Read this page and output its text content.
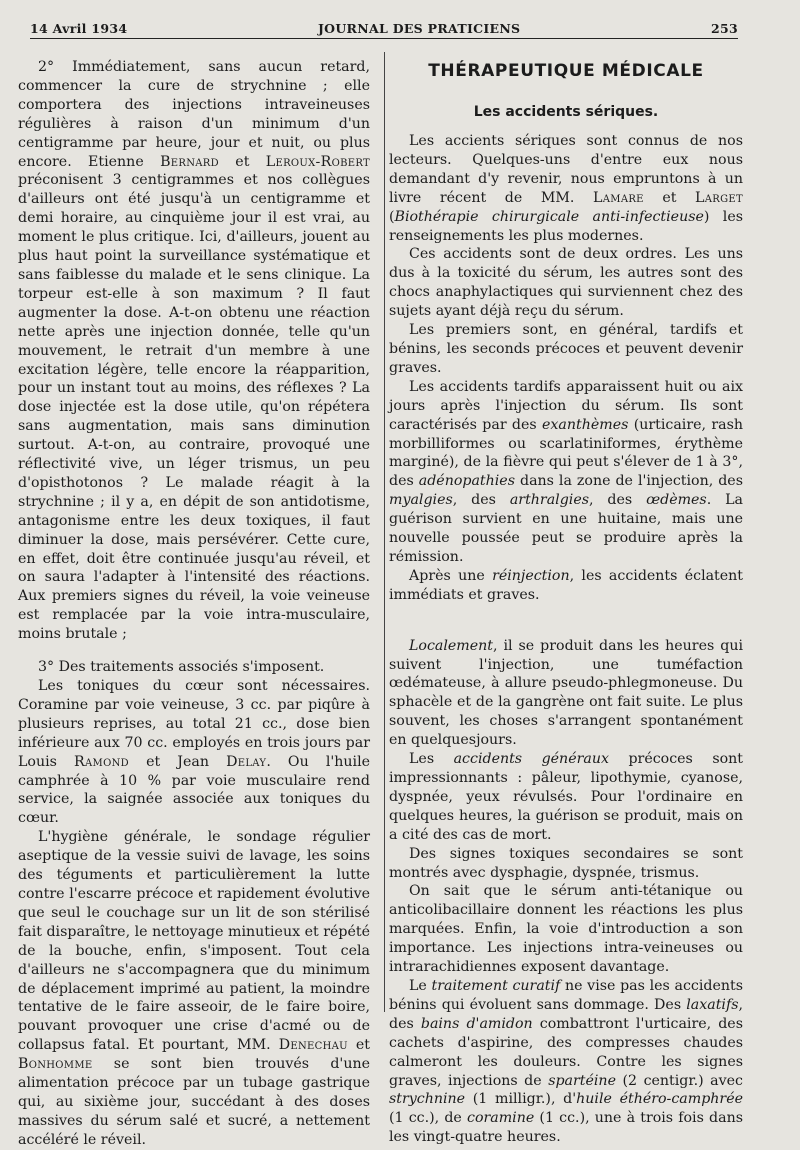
14 Avril 1934	JOURNAL DES PRATICIENS	253

2° Immédiatement, sans aucun retard, commencer la cure de strychnine ; elle comportera des injections intraveineuses régulières à raison d'un minimum d'un centigramme par heure, jour et nuit, ou plus encore. Etienne Bernard et Leroux-Robert préconisent 3 centigrammes et nos collègues d'ailleurs ont été jusqu'à un centigramme et demi horaire, au cinquième jour il est vrai, au moment le plus critique. Ici, d'ailleurs, jouent au plus haut point la surveillance systématique et sans faiblesse du malade et le sens clinique. La torpeur est-elle à son maximum ? Il faut augmenter la dose. A-t-on obtenu une réaction nette après une injection donnée, telle qu'un mouvement, le retrait d'un membre à une excitation légère, telle encore la réapparition, pour un instant tout au moins, des réflexes ? La dose injectée est la dose utile, qu'on répétera sans augmentation, mais sans diminution surtout. A-t-on, au contraire, provoqué une réflectivité vive, un léger trismus, un peu d'opisthotonos ? Le malade réagit à la strychnine ; il y a, en dépit de son antidotisme, antagonisme entre les deux toxiques, il faut diminuer la dose, mais persévérer. Cette cure, en effet, doit être continuée jusqu'au réveil, et on saura l'adapter à l'intensité des réactions. Aux premiers signes du réveil, la voie veineuse est remplacée par la voie intra-musculaire, moins brutale ;

3° Des traitements associés s'imposent.

Les toniques du cœur sont nécessaires. Coramine par voie veineuse, 3 cc. par piqûre à plusieurs reprises, au total 21 cc., dose bien inférieure aux 70 cc. employés en trois jours par Louis Ramond et Jean Delay. Ou l'huile camphrée à 10 % par voie musculaire rend service, la saignée associée aux toniques du cœur.

L'hygiène générale, le sondage régulier aseptique de la vessie suivi de lavage, les soins des téguments et particulièrement la lutte contre l'escarre précoce et rapidement évolutive que seul le couchage sur un lit de son stérilisé fait disparaître, le nettoyage minutieux et répété de la bouche, enfin, s'imposent. Tout cela d'ailleurs ne s'accompagnera que du minimum de déplacement imprimé au patient, la moindre tentative de le faire asseoir, de le faire boire, pouvant provoquer une crise d'acmé ou de collapsus fatal. Et pourtant, MM. Denechau et Bonhomme se sont bien trouvés d'une alimentation précoce par un tubage gastrique qui, au sixième jour, succédant à des doses massives du sérum salé et sucré, a nettement accéléré le réveil.

THÉRAPEUTIQUE MÉDICALE
Les accidents sériques.

Les accients sériques sont connus de nos lecteurs. Quelques-uns d'entre eux nous demandant d'y revenir, nous empruntons à un livre récent de MM. Lamare et Larget (Biothérapie chirurgicale anti-infectieuse) les renseignements les plus modernes.

Ces accidents sont de deux ordres. Les uns dus à la toxicité du sérum, les autres sont des chocs anaphylactiques qui surviennent chez des sujets ayant déjà reçu du sérum.

Les premiers sont, en général, tardifs et bénins, les seconds précoces et peuvent devenir graves.

Les accidents tardifs apparaissent huit ou aix jours après l'injection du sérum. Ils sont caractérisés par des exanthèmes (urticaire, rash morbilliformes ou scarlatiniformes, érythème marginé), de la fièvre qui peut s'élever de 1 à 3°, des adénopathies dans la zone de l'injection, des myalgies, des arthralgies, des œdèmes. La guérison survient en une huitaine, mais une nouvelle poussée peut se produire après la rémission.

Après une réinjection, les accidents éclatent immédiats et graves.

Localement, il se produit dans les heures qui suivent l'injection, une tuméfaction œdémateuse, à allure pseudo-phlegmoneuse. Du sphacèle et de la gangrène ont fait suite. Le plus souvent, les choses s'arrangent spontanément en quelquesjours.

Les accidents généraux précoces sont impressionnants : pâleur, lipothymie, cyanose, dyspnée, yeux révulsés. Pour l'ordinaire en quelques heures, la guérison se produit, mais on a cité des cas de mort.

Des signes toxiques secondaires se sont montrés avec dysphagie, dyspnée, trismus.

On sait que le sérum anti-tétanique ou anticolibacillaire donnent les réactions les plus marquées. Enfin, la voie d'introduction a son importance. Les injections intra-veineuses ou intrarachidiennes exposent davantage.

Le traitement curatif ne vise pas les accidents bénins qui évoluent sans dommage. Des laxatifs, des bains d'amidon combattront l'urticaire, des cachets d'aspirine, des compresses chaudes calmeront les douleurs. Contre les signes graves, injections de spartéine (2 centigr.) avec strychnine (1 milligr.), d'huile éthéro-camphrée (1 cc.), de coramine (1 cc.), une à trois fois dans les vingt-quatre heures.
